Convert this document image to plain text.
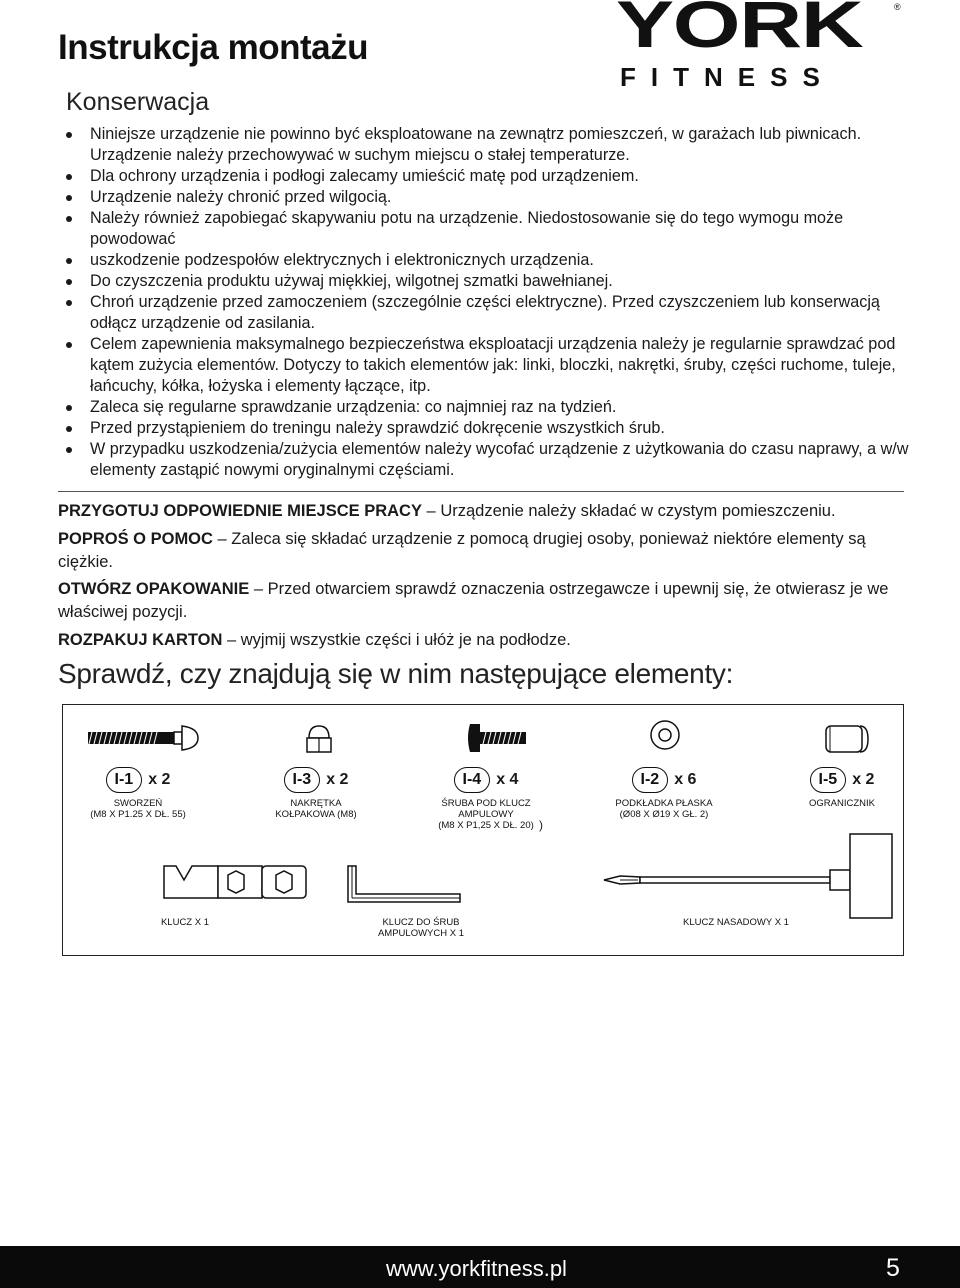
Instrukcja montażu	YORK	®
FITNESS
Konserwacja
Niniejsze urządzenie nie powinno być eksploatowane na zewnątrz pomieszczeń, w garażach lub piwnicach. Urządzenie należy przechowywać w suchym miejscu o stałej temperaturze.
Dla ochrony urządzenia i podłogi zalecamy umieścić matę pod urządzeniem.
Urządzenie należy chronić przed wilgocią.
Należy również zapobiegać skapywaniu potu na urządzenie. Niedostosowanie się do tego wymogu może powodować
uszkodzenie podzespołów elektrycznych i elektronicznych urządzenia.
Do czyszczenia produktu używaj miękkiej, wilgotnej szmatki bawełnianej.
Chroń urządzenie przed zamoczeniem (szczególnie części elektryczne). Przed czyszczeniem lub konserwacją odłącz urządzenie od zasilania.
Celem zapewnienia maksymalnego bezpieczeństwa eksploatacji urządzenia należy je regularnie sprawdzać pod kątem zużycia elementów. Dotyczy to takich elementów jak: linki, bloczki, nakrętki, śruby, części ruchome, tuleje, łańcuchy, kółka, łożyska i elementy łączące, itp.
Zaleca się regularne sprawdzanie urządzenia: co najmniej raz na tydzień.
Przed przystąpieniem do treningu należy sprawdzić dokręcenie wszystkich śrub.
W przypadku uszkodzenia/zużycia elementów należy wycofać urządzenie z użytkowania do czasu naprawy, a w/w elementy zastąpić nowymi oryginalnymi częściami.

PRZYGOTUJ ODPOWIEDNIE MIEJSCE PRACY – Urządzenie należy składać w czystym pomieszczeniu.

POPROŚ O POMOC – Zaleca się składać urządzenie z pomocą drugiej osoby, ponieważ niektóre elementy są ciężkie.

OTWÓRZ OPAKOWANIE – Przed otwarciem sprawdź oznaczenia ostrzegawcze i upewnij się, że otwierasz je we właściwej pozycji.

ROZPAKUJ KARTON – wyjmij wszystkie części i ułóż je na podłodze.

Sprawdź, czy znajdują się w nim następujące elementy:
I-1 x 2
SWORZEŃ
(M8 X P1.25 X DŁ. 55)
I-3 x 2
NAKRĘTKA
KOŁPAKOWA (M8)
I-4 x 4
ŚRUBA POD KLUCZ
AMPULOWY
(M8 X P1,25 X DŁ. 20) )
I-2 x 6
PODKŁADKA PŁASKA
(Ø08 X Ø19 X GŁ. 2)
I-5 x 2
OGRANICZNIK
KLUCZ X 1	KLUCZ DO ŚRUB
AMPULOWYCH X 1
KLUCZ NASADOWY X 1
www.yorkfitness.pl	5
